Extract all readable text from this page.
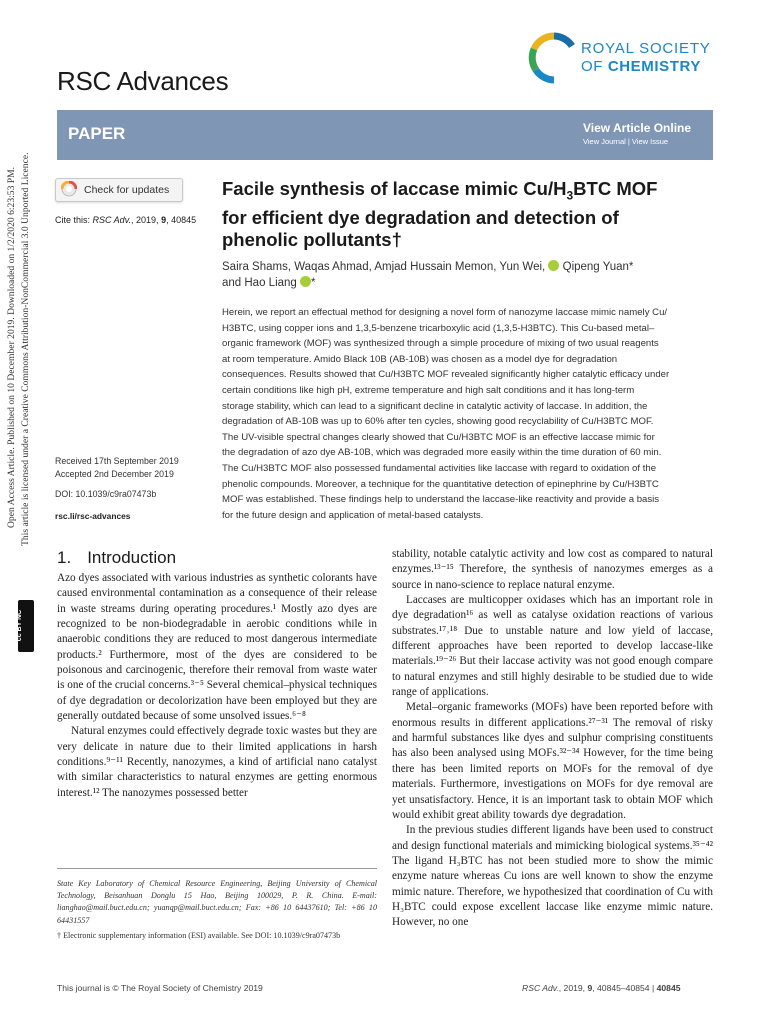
Open Access Article. Published on 10 December 2019. Downloaded on 1/2/2020 6:23:53 PM. This article is licensed under a Creative Commons Attribution-NonCommercial 3.0 Unported Licence.
cc BY NC
RSC Advances
ROYAL SOCIETY
OF CHEMISTRY
PAPER	View Article Online
View Journal | View Issue
Check for updates
Cite this: RSC Adv., 2019, 9, 40845
Received 17th September 2019
Accepted 2nd December 2019
DOI: 10.1039/c9ra07473b
rsc.li/rsc-advances
Facile synthesis of laccase mimic $Cu/H_3BTC$ MOF
for efficient dye degradation and detection of
phenolic pollutants†
Saira Shams, Waqas Ahmad, Amjad Hussain Memon, Yun Wei, Qipeng Yuan*
and Hao Liang *

Herein, we report an effectual method for designing a novel form of nanozyme laccase mimic namely Cu/

H3BTC, using copper ions and 1,3,5-benzene tricarboxylic acid (1,3,5-H3BTC). This Cu-based metal–

organic framework (MOF) was synthesized through a simple procedure of mixing of two usual reagents

at room temperature. Amido Black 10B (AB-10B) was chosen as a model dye for degradation

consequences. Results showed that Cu/H3BTC MOF revealed significantly higher catalytic efficacy under

certain conditions like high pH, extreme temperature and high salt conditions and it has long-term

storage stability, which can lead to a significant decline in catalytic activity of laccase. In addition, the

degradation of AB-10B was up to 60% after ten cycles, showing good recyclability of Cu/H3BTC MOF.

The UV-visible spectral changes clearly showed that Cu/H3BTC MOF is an effective laccase mimic for

the degradation of azo dye AB-10B, which was degraded more easily within the time duration of 60 min.

The Cu/H3BTC MOF also possessed fundamental activities like laccase with regard to oxidation of the

phenolic compounds. Moreover, a technique for the quantitative detection of epinephrine by Cu/H3BTC

MOF was established. These findings help to understand the laccase-like reactivity and provide a basis

for the future design and application of metal-based catalysts.

1. Introduction

Azo dyes associated with various industries as synthetic colorants have caused environmental contamination as a consequence of their release in waste streams during operating procedures.¹ Mostly azo dyes are recognized to be non-biodegradable in aerobic conditions while in anaerobic conditions they are reduced to most dangerous intermediate products.² Furthermore, most of the dyes are considered to be poisonous and carcinogenic, therefore their removal from waste water is one of the crucial concerns.³⁻⁵ Several chemical–physical techniques of dye degradation or decolorization have been employed but they are generally outdated because of some unsolved issues.⁶⁻⁸

Natural enzymes could effectively degrade toxic wastes but they are very delicate in nature due to their limited applications in harsh conditions.⁹⁻¹¹ Recently, nanozymes, a kind of artificial nano catalyst with similar characteristics to natural enzymes are getting enormous interest.¹² The nanozymes possessed better

State Key Laboratory of Chemical Resource Engineering, Beijing University of Chemical Technology, Beisanhuan Donglu 15 Hao, Beijing 100029, P. R. China. E-mail: lianghao@mail.buct.edu.cn; yuanqp@mail.buct.edu.cn; Fax: +86 10 64437610; Tel: +86 10 64431557
† Electronic supplementary information (ESI) available. See DOI: 10.1039/c9ra07473b

stability, notable catalytic activity and low cost as compared to natural enzymes.¹³⁻¹⁵ Therefore, the synthesis of nanozymes emerges as a source in nano-science to replace natural enzyme.

Laccases are multicopper oxidases which has an important role in dye degradation¹⁶ as well as catalyse oxidation reactions of various substrates.¹⁷˒¹⁸ Due to unstable nature and low yield of laccase, different approaches have been reported to develop laccase-like materials.¹⁹⁻²⁶ But their laccase activity was not good enough compare to natural enzymes and still highly desirable to be studied due to wide range of applications.

Metal–organic frameworks (MOFs) have been reported before with enormous results in different applications.²⁷⁻³¹ The removal of risky and harmful substances like dyes and sulphur comprising constituents has also been analysed using MOFs.³²⁻³⁴ However, for the time being there has been limited reports on MOFs for the removal of dye materials. Furthermore, investigations on MOFs for dye removal are yet unsatisfactory. Hence, it is an important task to obtain MOF which would exhibit great ability towards dye degradation.

In the previous studies different ligands have been used to construct and design functional materials and mimicking biological systems.³⁵⁻⁴² The ligand H₃BTC has not been studied more to show the mimic enzyme nature whereas Cu ions are well known to show the enzyme mimic nature. Therefore, we hypothesized that coordination of Cu with H₃BTC could expose excellent laccase like enzyme mimic nature. However, no one

This journal is © The Royal Society of Chemistry 2019	RSC Adv., 2019, 9, 40845–40854 | 40845
